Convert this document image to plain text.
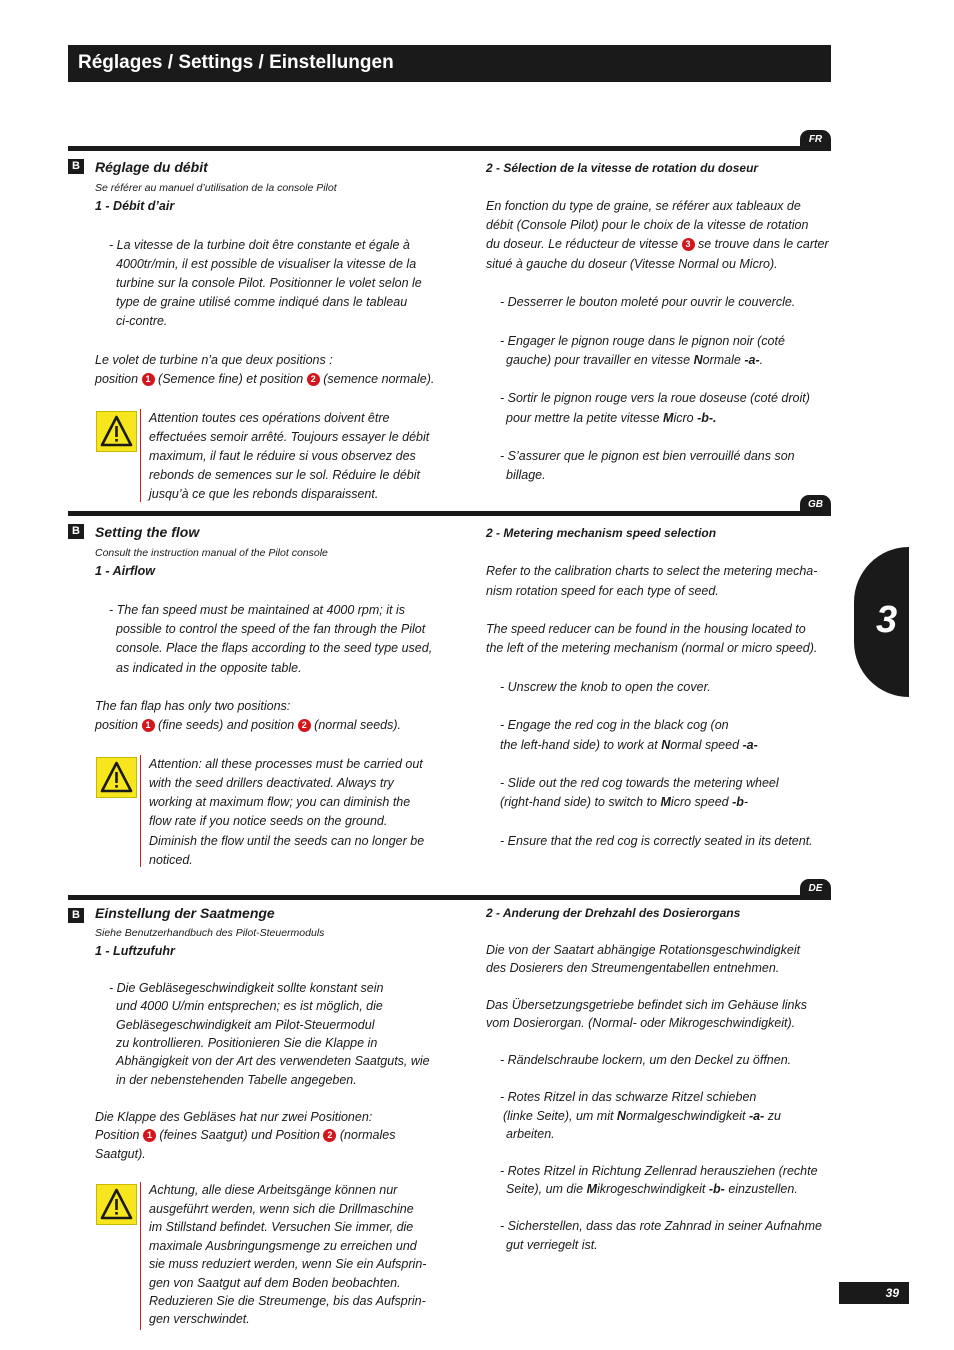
Réglages / Settings / Einstellungen
3
39
FR
B Réglage du débit
Se référer au manuel d’utilisation de la console Pilot
1 - Débit d’air
- La vitesse de la turbine doit être constante et égale à
4000tr/min, il est possible de visualiser la vitesse de la
turbine sur la console Pilot. Positionner le volet selon le
type de graine utilisé comme indiqué dans le tableau
ci-contre.
Le volet de turbine n’a que deux positions :
position 1 (Semence fine) et position 2 (semence normale).
Attention toutes ces opérations doivent être
effectuées semoir arrêté. Toujours essayer le débit
maximum, il faut le réduire si vous observez des
rebonds de semences sur le sol. Réduire le débit
jusqu’à ce que les rebonds disparaissent.
2 - Sélection de la vitesse de rotation du doseur
En fonction du type de graine, se référer aux tableaux de
débit (Console Pilot) pour le choix de la vitesse de rotation
du doseur. Le réducteur de vitesse 3 se trouve dans le carter
situé à gauche du doseur (Vitesse Normal ou Micro).
- Desserrer le bouton moleté pour ouvrir le couvercle.
- Engager le pignon rouge dans le pignon noir (coté
gauche) pour travailler en vitesse Normale -a-.
- Sortir le pignon rouge vers la roue doseuse (coté droit)
pour mettre la petite vitesse Micro -b-.
- S’assurer que le pignon est bien verrouillé dans son
billage.
GB
B Setting the flow
Consult the instruction manual of the Pilot console
1 - Airflow
- The fan speed must be maintained at 4000 rpm; it is
possible to control the speed of the fan through the Pilot
console. Place the flaps according to the seed type used,
as indicated in the opposite table.
The fan flap has only two positions:
position 1 (fine seeds) and position 2 (normal seeds).
Attention: all these processes must be carried out
with the seed drillers deactivated. Always try
working at maximum flow; you can diminish the
flow rate if you notice seeds on the ground.
Diminish the flow until the seeds can no longer be
noticed.
2 - Metering mechanism speed selection
Refer to the calibration charts to select the metering mecha-
nism rotation speed for each type of seed.
The speed reducer can be found in the housing located to
the left of the metering mechanism (normal or micro speed).
- Unscrew the knob to open the cover.
- Engage the red cog in the black cog (on
the left-hand side) to work at Normal speed -a-
- Slide out the red cog towards the metering wheel
(right-hand side) to switch to Micro speed -b-
- Ensure that the red cog is correctly seated in its detent.
DE
B Einstellung der Saatmenge
Siehe Benutzerhandbuch des Pilot-Steuermoduls
1 - Luftzufuhr
- Die Gebläsegeschwindigkeit sollte konstant sein
und 4000 U/min entsprechen; es ist möglich, die
Gebläsegeschwindigkeit am Pilot-Steuermodul
zu kontrollieren. Positionieren Sie die Klappe in
Abhängigkeit von der Art des verwendeten Saatguts, wie
in der nebenstehenden Tabelle angegeben.
Die Klappe des Gebläses hat nur zwei Positionen:
Position 1 (feines Saatgut) und Position 2 (normales
Saatgut).
Achtung, alle diese Arbeitsgänge können nur
ausgeführt werden, wenn sich die Drillmaschine
im Stillstand befindet. Versuchen Sie immer, die
maximale Ausbringungsmenge zu erreichen und
sie muss reduziert werden, wenn Sie ein Aufsprin-
gen von Saatgut auf dem Boden beobachten.
Reduzieren Sie die Streumenge, bis das Aufsprin-
gen verschwindet.
2 - Anderung der Drehzahl des Dosierorgans
Die von der Saatart abhängige Rotationsgeschwindigkeit
des Dosierers den Streumengentabellen entnehmen.
Das Übersetzungsgetriebe befindet sich im Gehäuse links
vom Dosierorgan. (Normal- oder Mikrogeschwindigkeit).
- Rändelschraube lockern, um den Deckel zu öffnen.
- Rotes Ritzel in das schwarze Ritzel schieben
(linke Seite), um mit Normalgeschwindigkeit -a- zu
arbeiten.
- Rotes Ritzel in Richtung Zellenrad herausziehen (rechte
Seite), um die Mikrogeschwindigkeit -b- einzustellen.
- Sicherstellen, dass das rote Zahnrad in seiner Aufnahme
gut verriegelt ist.
